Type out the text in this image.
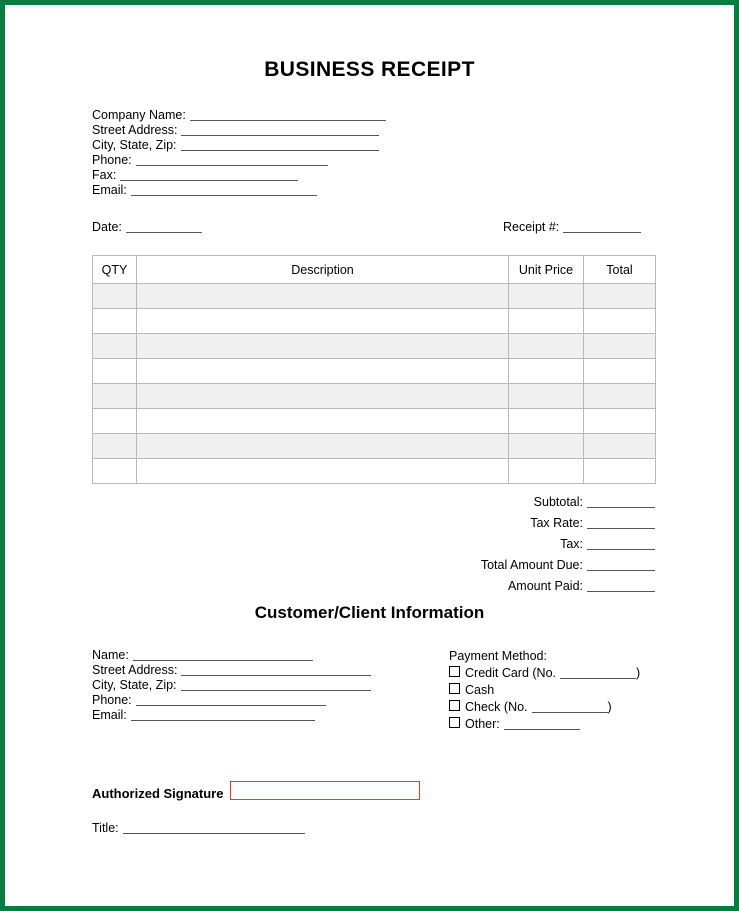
BUSINESS RECEIPT
Company Name:
Street Address:
City, State, Zip:
Phone:
Fax:
Email:
Date:	Receipt #:
QTY	Description	Unit Price	Total

Subtotal:
Tax Rate:
Tax:
Total Amount Due:
Amount Paid:
Customer/Client Information
Name:
Street Address:
City, State, Zip:
Phone:
Email:
Payment Method:
Credit Card (No.	)
Cash
Check (No.	)
Other:
Authorized Signature
Title:
